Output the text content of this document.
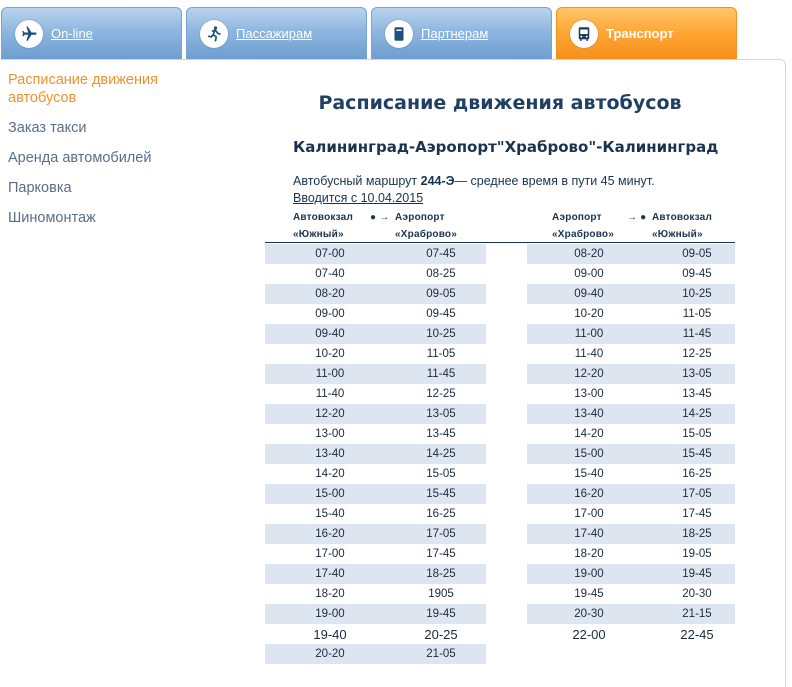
On-line	Пассажирам	Партнерам	Транспорт
Расписание движения
автобусов
Заказ такси
Аренда автомобилей
Парковка
Шиномонтаж
Расписание движения автобусов
Калининград-Аэропорт"Храброво"-Калининград
Автобусный маршрут 244-Э— среднее время в пути 45 минут.
Вводится с 10.04.2015
Автовокзал
«Южный»
● → Аэропорт
«Храброво»
Аэропорт
«Храброво»
→ ● Автовокзал
«Южный»
07-00	07-45
07-40	08-25
08-20	09-05
09-00	09-45
09-40	10-25
10-20	11-05
11-00	11-45
11-40	12-25
12-20	13-05
13-00	13-45
13-40	14-25
14-20	15-05
15-00	15-45
15-40	16-25
16-20	17-05
17-00	17-45
17-40	18-25
18-20	1905
19-00	19-45
19-40	20-25
20-20	21-05
08-20	09-05
09-00	09-45
09-40	10-25
10-20	11-05
11-00	11-45
11-40	12-25
12-20	13-05
13-00	13-45
13-40	14-25
14-20	15-05
15-00	15-45
15-40	16-25
16-20	17-05
17-00	17-45
17-40	18-25
18-20	19-05
19-00	19-45
19-45	20-30
20-30	21-15
22-00	22-45
